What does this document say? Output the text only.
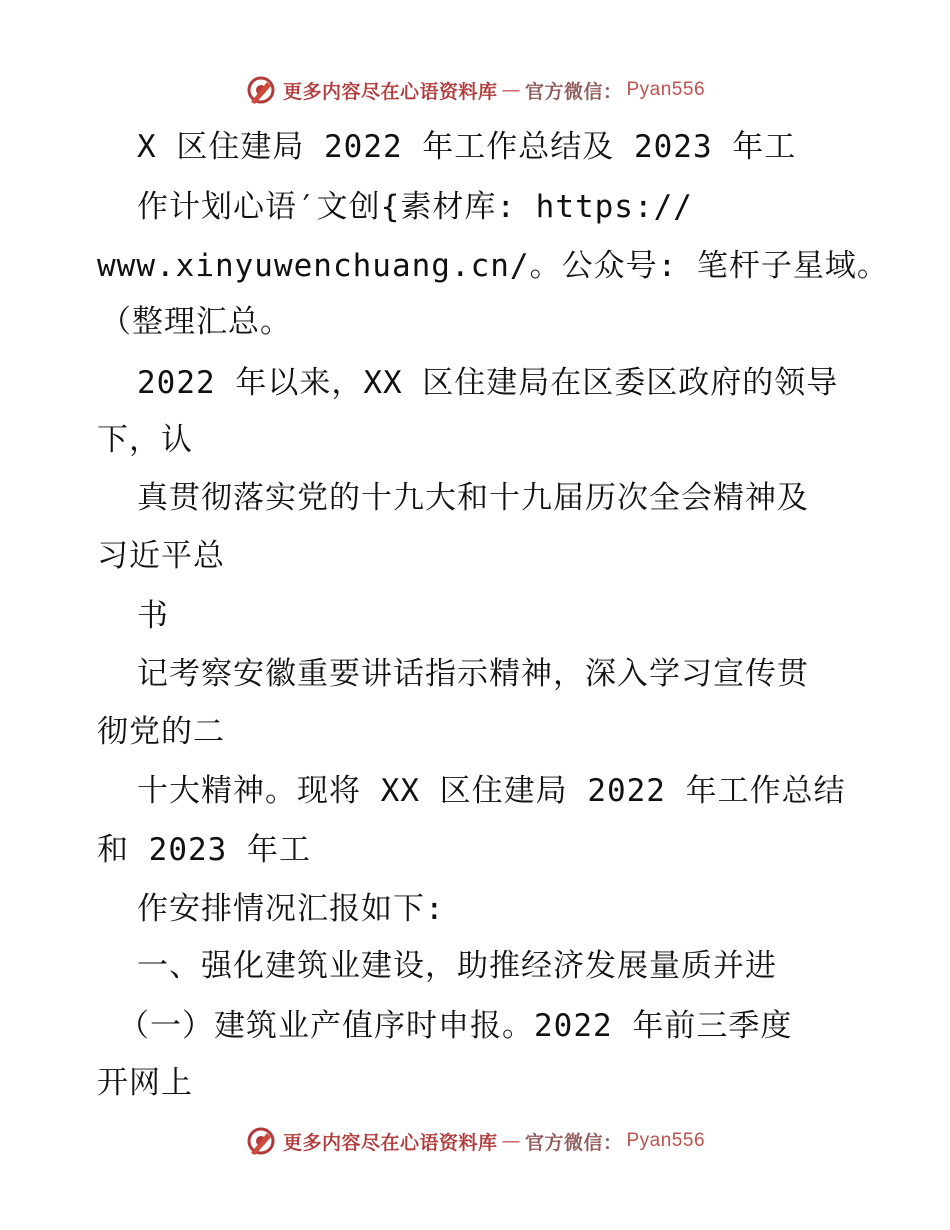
更多内容尽在心语资料库 — 官方微信： Pyan556
X 区住建局 2022 年工作总结及 2023 年工
作计划心语′文创{素材库: https://
www.xinyuwenchuang.cn/。公众号: 笔杆子星域。
（整理汇总。
2022 年以来，XX 区住建局在区委区政府的领导
下，认
真贯彻落实党的十九大和十九届历次全会精神及
习近平总
书
记考察安徽重要讲话指示精神，深入学习宣传贯
彻党的二
十大精神。现将 XX 区住建局 2022 年工作总结
和 2023 年工
作安排情况汇报如下:
一、强化建筑业建设，助推经济发展量质并进
（一）建筑业产值序时申报。2022 年前三季度
开网上
更多内容尽在心语资料库 — 官方微信： Pyan556
